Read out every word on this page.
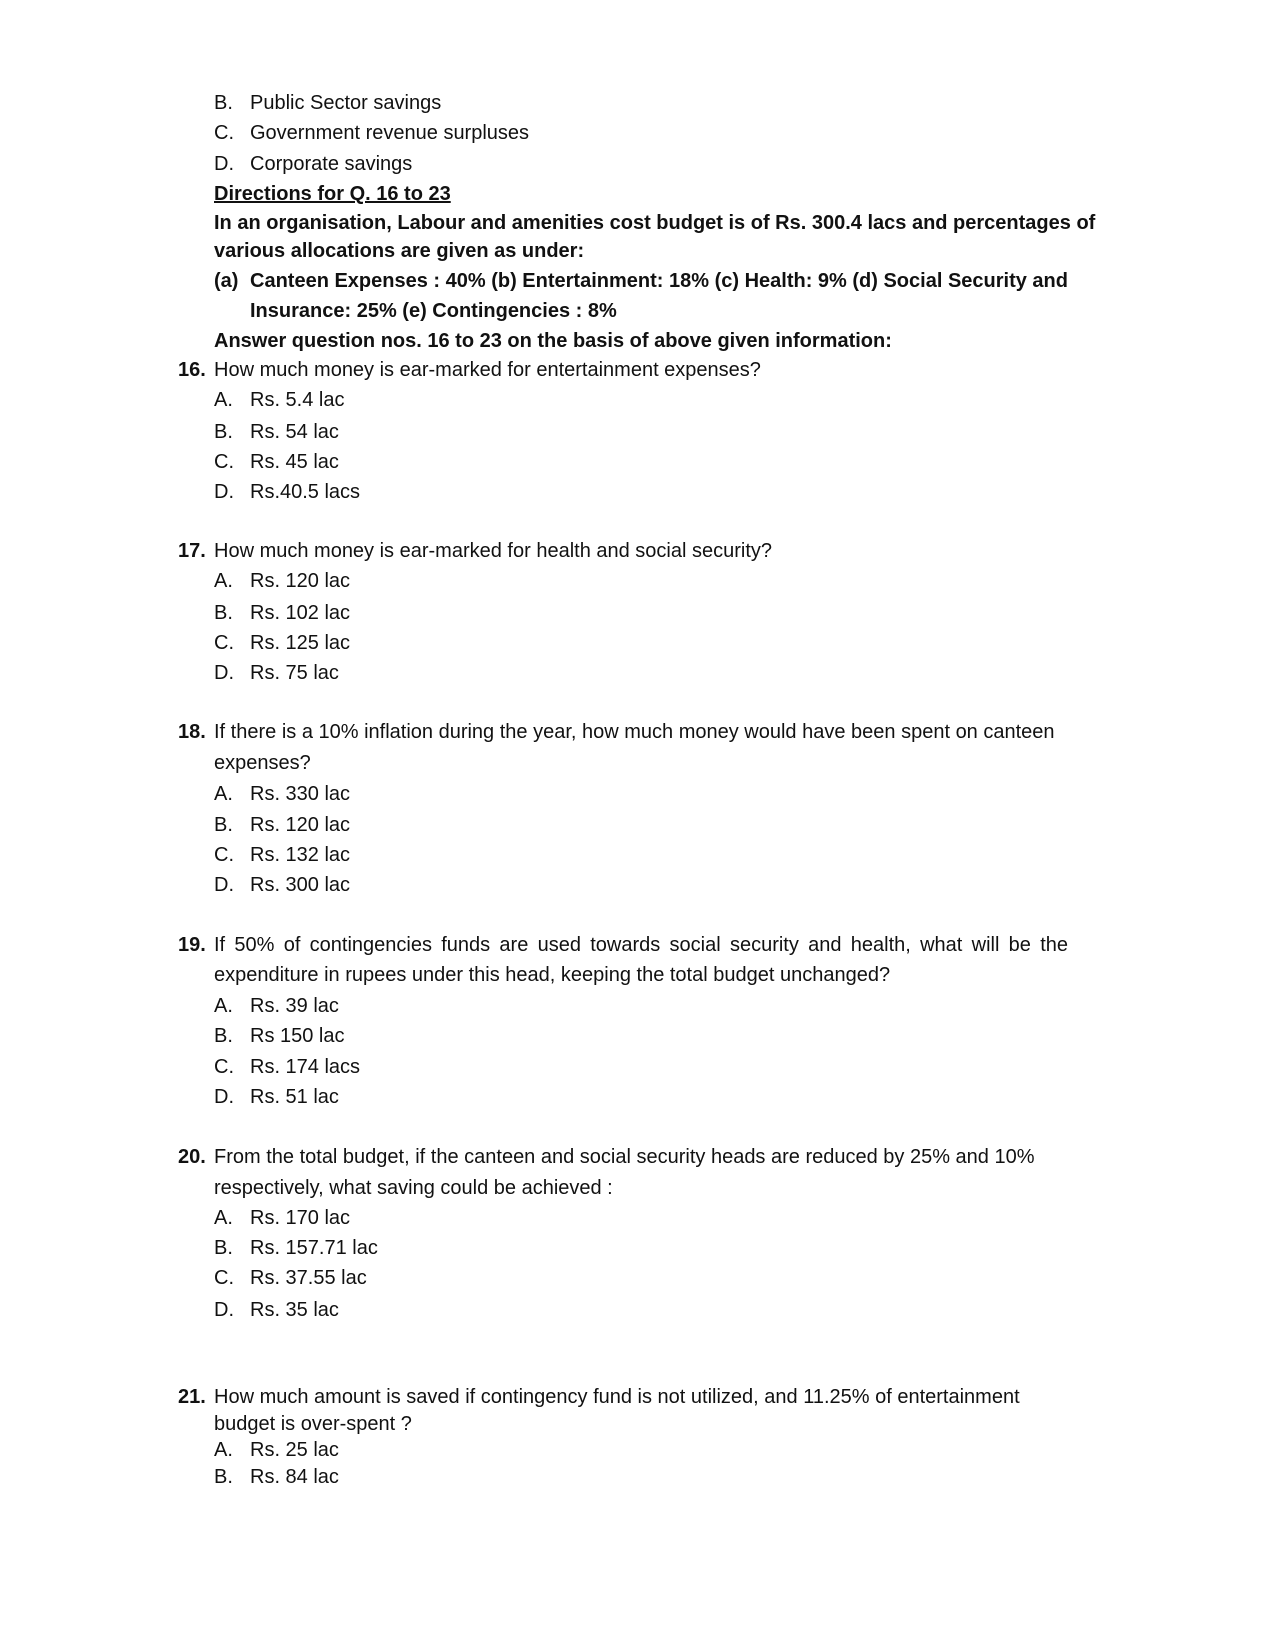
B. Public Sector savings
C. Government revenue surpluses
D. Corporate savings
Directions for Q. 16 to 23
In an organisation, Labour and amenities cost budget is of Rs. 300.4 lacs and percentages of
various allocations are given as under:
(a) Canteen Expenses : 40% (b) Entertainment: 18% (c) Health: 9% (d) Social Security and
Insurance: 25% (e) Contingencies : 8%
Answer question nos. 16 to 23 on the basis of above given information:
16. How much money is ear-marked for entertainment expenses?
A. Rs. 5.4 lac
B. Rs. 54 lac
C. Rs. 45 lac
D. Rs.40.5 lacs
17. How much money is ear-marked for health and social security?
A. Rs. 120 lac
B. Rs. 102 lac
C. Rs. 125 lac
D. Rs. 75 lac
18. If there is a 10% inflation during the year, how much money would have been spent on canteen
expenses?
A. Rs. 330 lac
B. Rs. 120 lac
C. Rs. 132 lac
D. Rs. 300 lac
19. If 50% of contingencies funds are used towards social security and health, what will be the
expenditure in rupees under this head, keeping the total budget unchanged?
A. Rs. 39 lac
B. Rs 150 lac
C. Rs. 174 lacs
D. Rs. 51 lac
20. From the total budget, if the canteen and social security heads are reduced by 25% and 10%
respectively, what saving could be achieved :
A. Rs. 170 lac
B. Rs. 157.71 lac
C. Rs. 37.55 lac
D. Rs. 35 lac
21. How much amount is saved if contingency fund is not utilized, and 11.25% of entertainment
budget is over-spent ?
A. Rs. 25 lac
B. Rs. 84 lac
